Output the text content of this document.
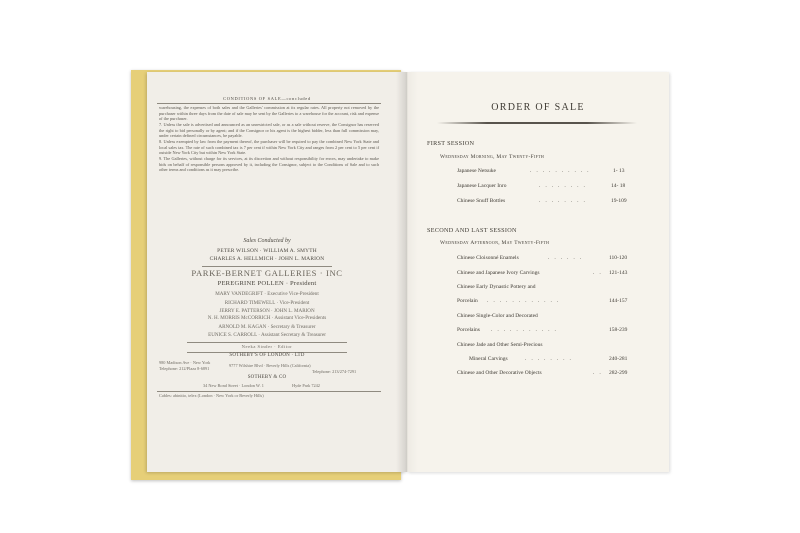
CONDITIONS OF SALE—concluded

warehousing, the expenses of both sales and the Galleries' commission at its regular rates. All property not removed by the purchaser within three days from the date of sale may be sent by the Galleries to a warehouse for the account, risk and expense of the purchaser.

7. Unless the sale is advertised and announced as an unrestricted sale, or as a sale without reserve, the Consignor has reserved the right to bid personally or by agent; and if the Consignor or his agent is the highest bidder, less than full commission may, under certain defined circumstances, be payable.

8. Unless exempted by law from the payment thereof, the purchaser will be required to pay the combined New York State and local sales tax. The rate of such combined tax is 7 per cent if within New York City and ranges from 2 per cent to 5 per cent if outside New York City but within New York State.

9. The Galleries, without charge for its services, at its discretion and without responsibility for errors, may undertake to make bids on behalf of responsible persons approved by it, including the Consignor, subject to the Conditions of Sale and to such other terms and conditions as it may prescribe.

Sales Conducted by
PETER WILSON · WILLIAM A. SMYTH
CHARLES A. HELLMICH · JOHN L. MARION
PARKE-BERNET GALLERIES · INC
PEREGRINE POLLEN · President
MARY VANDEGRIFT · Executive Vice-President
RICHARD TIMEWELL · Vice-President
JERRY E. PATTERSON · JOHN L. MARION
N. H. MORRIS McCORRICH · Assistant Vice-Presidents
ARNOLD M. KAGAN · Secretary & Treasurer
EUNICE S. CARROLL · Assistant Secretary & Treasurer
Neeka Sinder · Editor
SOTHEBY'S OF LONDON · LTD
980 Madison Ave · New York
Telephone: 212/Plaza 8-6891
9777 Wilshire Blvd · Beverly Hills (California)
Telephone: 213/274-7291
SOTHEBY & CO
34 New Bond Street · London W. 1	Hyde Park 7242
Cables: abinitio, telex (London · New York or Beverly Hills)
ORDER OF SALE
FIRST SESSION
Wednesday Morning, May Twenty-Fifth
Japanese Netsuke	. . . . . . . . . .	1- 13
Japanese Lacquer Inro	. . . . . . . .	14- 18
Chinese Snuff Bottles	. . . . . . . .	19-109
SECOND AND LAST SESSION
Wednesday Afternoon, May Twenty-Fifth
Chinese Cloisonné Enamels	. . . . . .	110-120
Chinese and Japanese Ivory Carvings	. . 121-143
Chinese Early Dynastic Pottery and
Porcelain . . . . . . . . . . . .	144-157
Chinese Single-Color and Decorated
Porcelains . . . . . . . . . . .	158-239
Chinese Jade and Other Semi-Precious
Mineral Carvings	. . . . . . . .	240-281
Chinese and Other Decorative Objects	. . 282-299
